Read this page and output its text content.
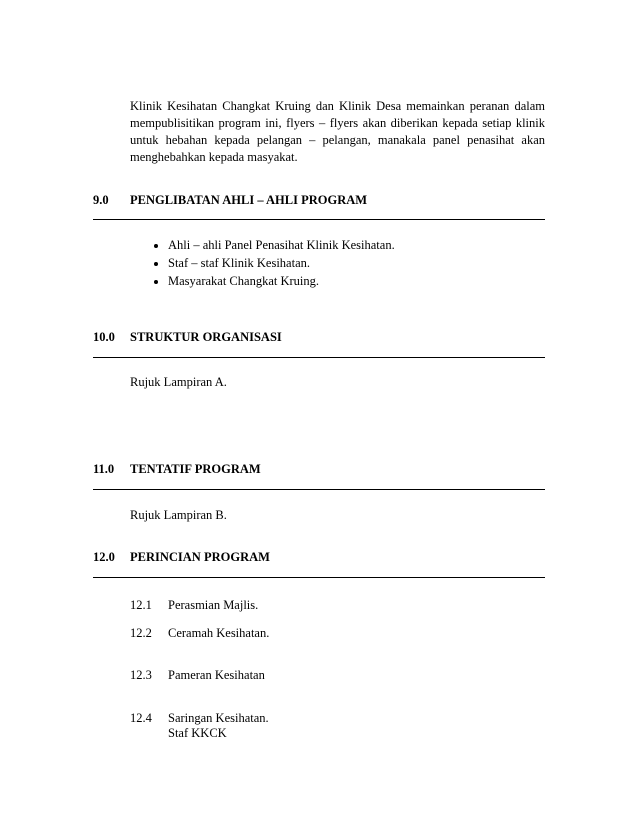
Klinik Kesihatan Changkat Kruing dan Klinik Desa memainkan peranan dalam mempublisitikan program ini, flyers – flyers akan diberikan kepada setiap klinik untuk hebahan kepada pelangan – pelangan, manakala panel penasihat akan menghebahkan kepada masyakat.
9.0 PENGLIBATAN AHLI – AHLI PROGRAM
• Ahli – ahli Panel Penasihat Klinik Kesihatan.
• Staf – staf Klinik Kesihatan.
• Masyarakat Changkat Kruing.
10.0 STRUKTUR ORGANISASI
Rujuk Lampiran A.
11.0 TENTATIF PROGRAM
Rujuk Lampiran B.
12.0 PERINCIAN PROGRAM
12.1 Perasmian Majlis.
12.2 Ceramah Kesihatan.
12.3 Pameran Kesihatan
12.4 Saringan Kesihatan.
Staf KKCK
